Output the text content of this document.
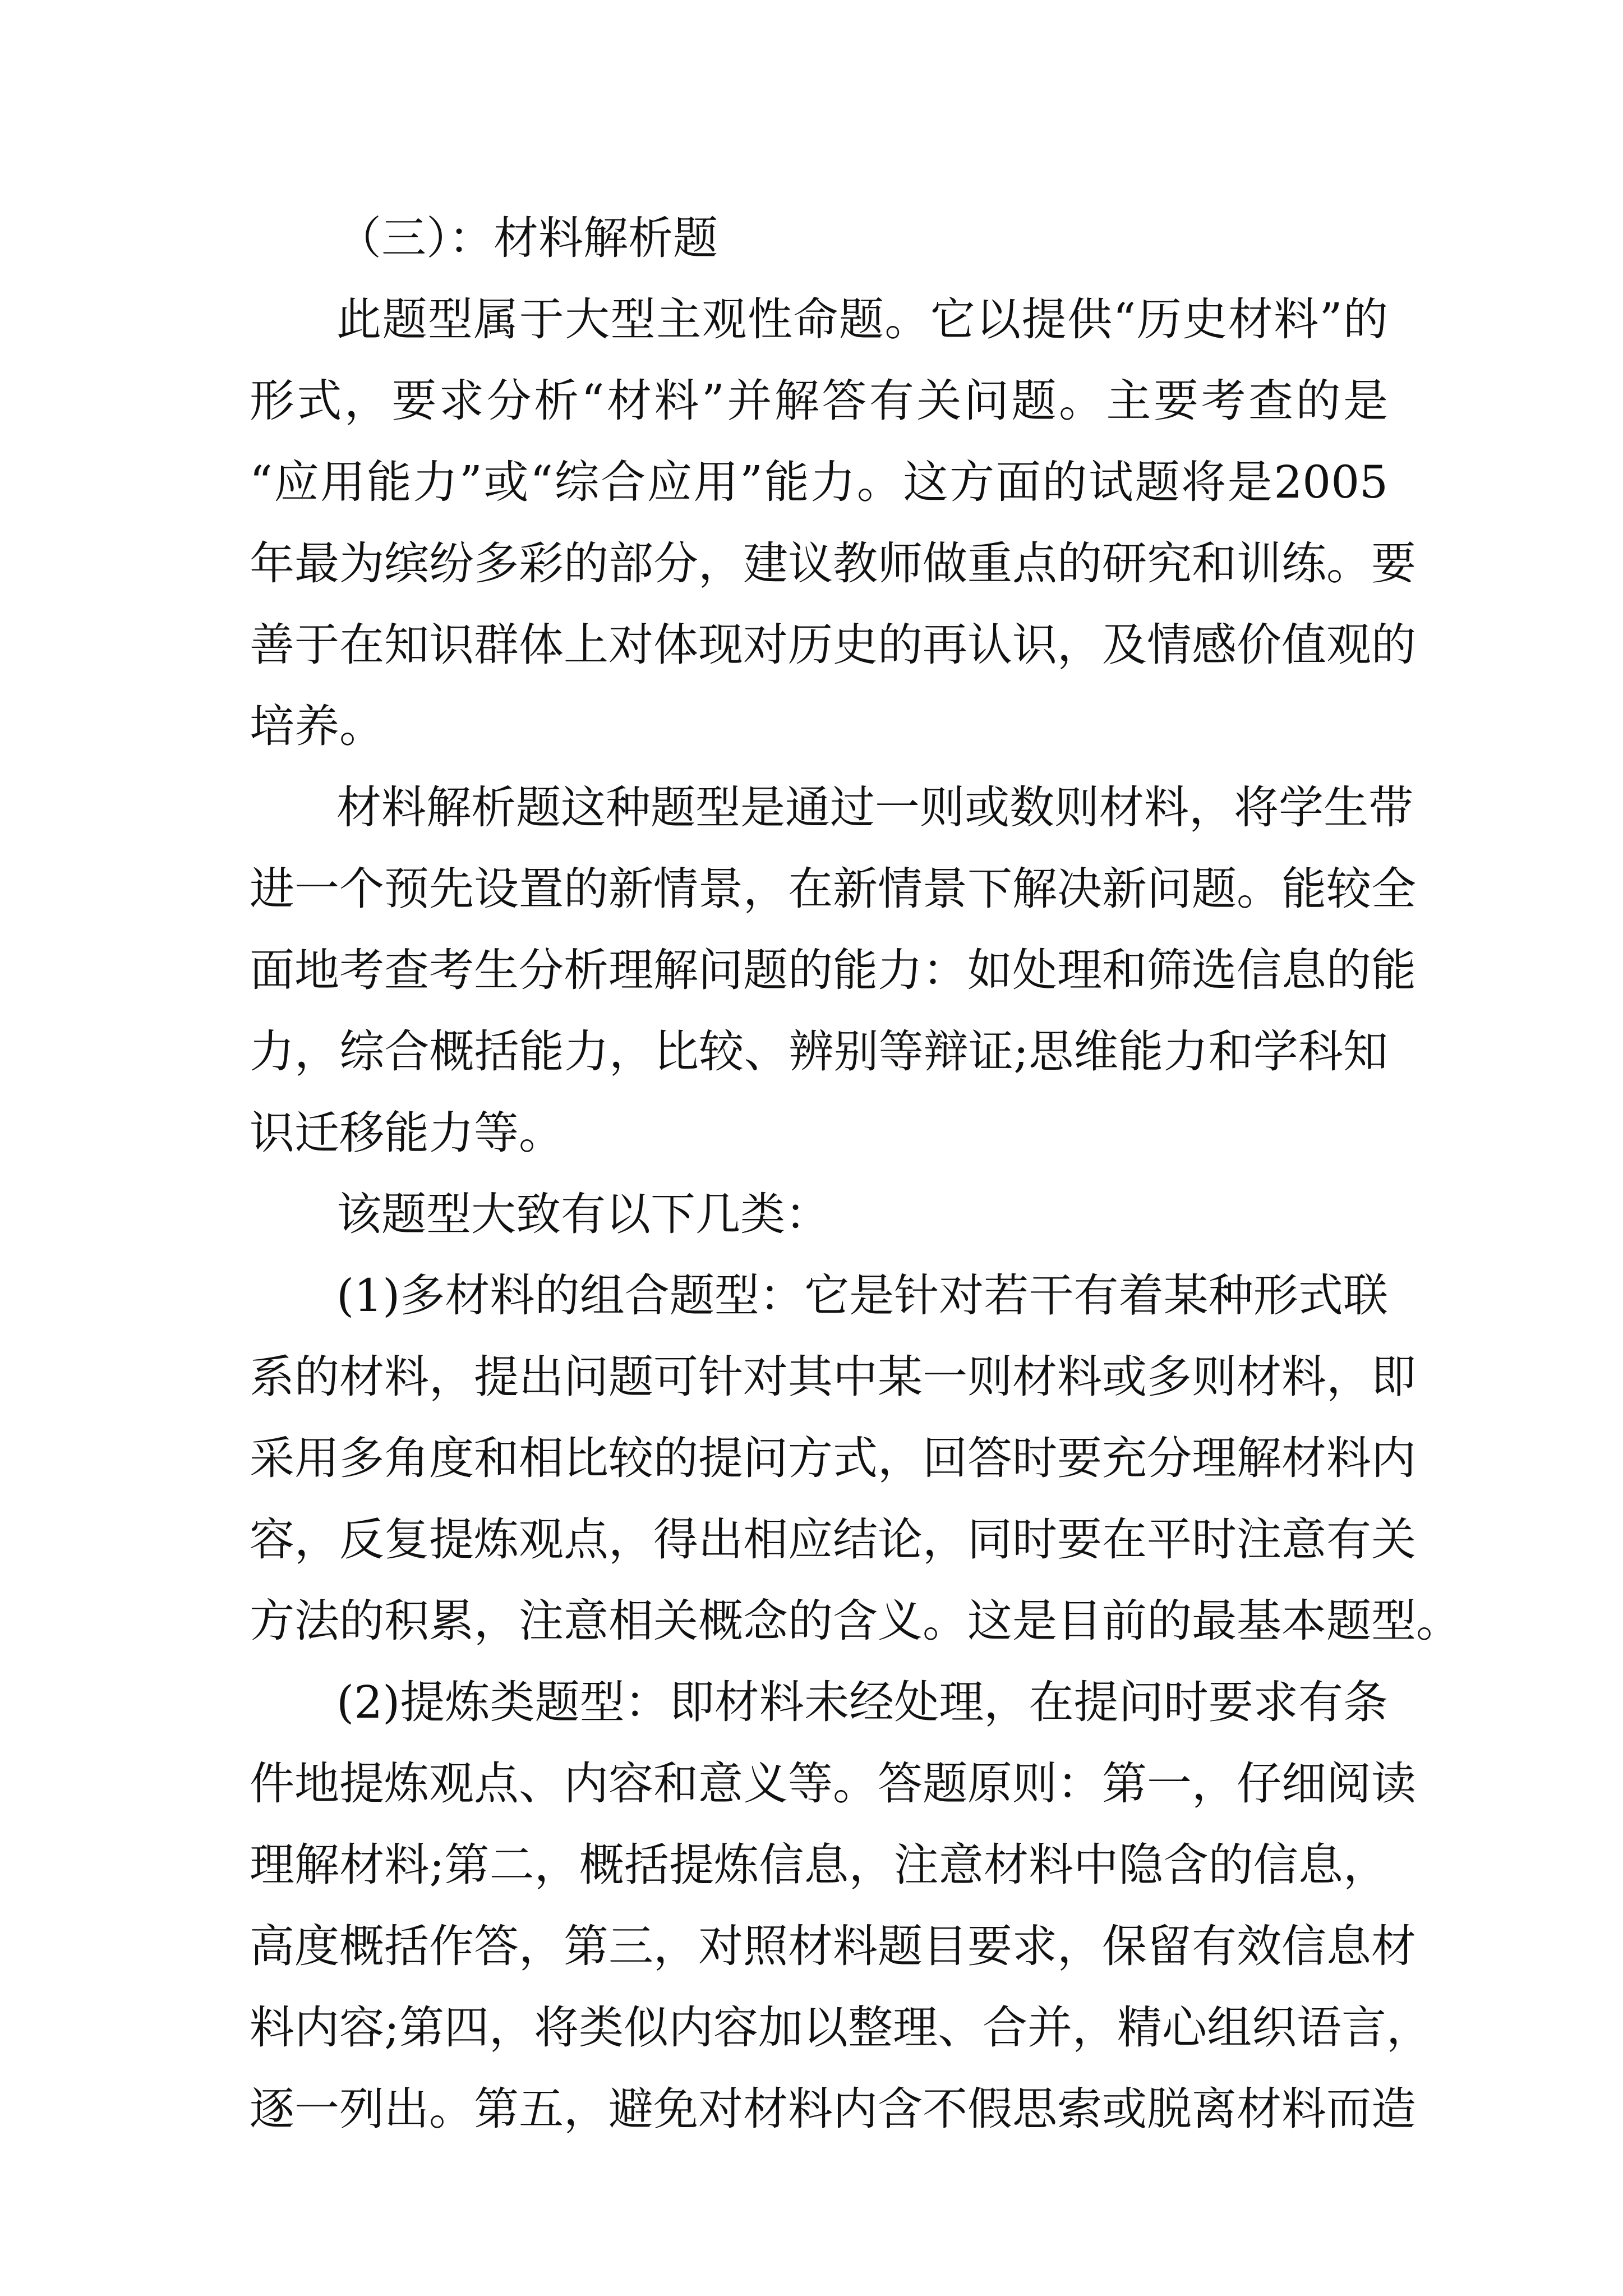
（三）：材料解析题
此题型属于大型主观性命题。它以提供“历史材料”的
形式，要求分析“材料”并解答有关问题。主要考查的是
“应用能力”或“综合应用”能力。这方面的试题将是2005
年最为缤纷多彩的部分，建议教师做重点的研究和训练。要
善于在知识群体上对体现对历史的再认识，及情感价值观的
培养。
材料解析题这种题型是通过一则或数则材料，将学生带
进一个预先设置的新情景，在新情景下解决新问题。能较全
面地考查考生分析理解问题的能力：如处理和筛选信息的能
力，综合概括能力，比较、辨别等辩证;思维能力和学科知
识迁移能力等。
该题型大致有以下几类：
(1)多材料的组合题型：它是针对若干有着某种形式联
系的材料，提出问题可针对其中某一则材料或多则材料，即
采用多角度和相比较的提问方式，回答时要充分理解材料内
容，反复提炼观点，得出相应结论，同时要在平时注意有关
方法的积累，注意相关概念的含义。这是目前的最基本题型。
(2)提炼类题型：即材料未经处理，在提问时要求有条
件地提炼观点、内容和意义等。答题原则：第一，仔细阅读
理解材料;第二，概括提炼信息，注意材料中隐含的信息，
高度概括作答，第三，对照材料题目要求，保留有效信息材
料内容;第四，将类似内容加以整理、合并，精心组织语言，
逐一列出。第五，避免对材料内含不假思索或脱离材料而造
